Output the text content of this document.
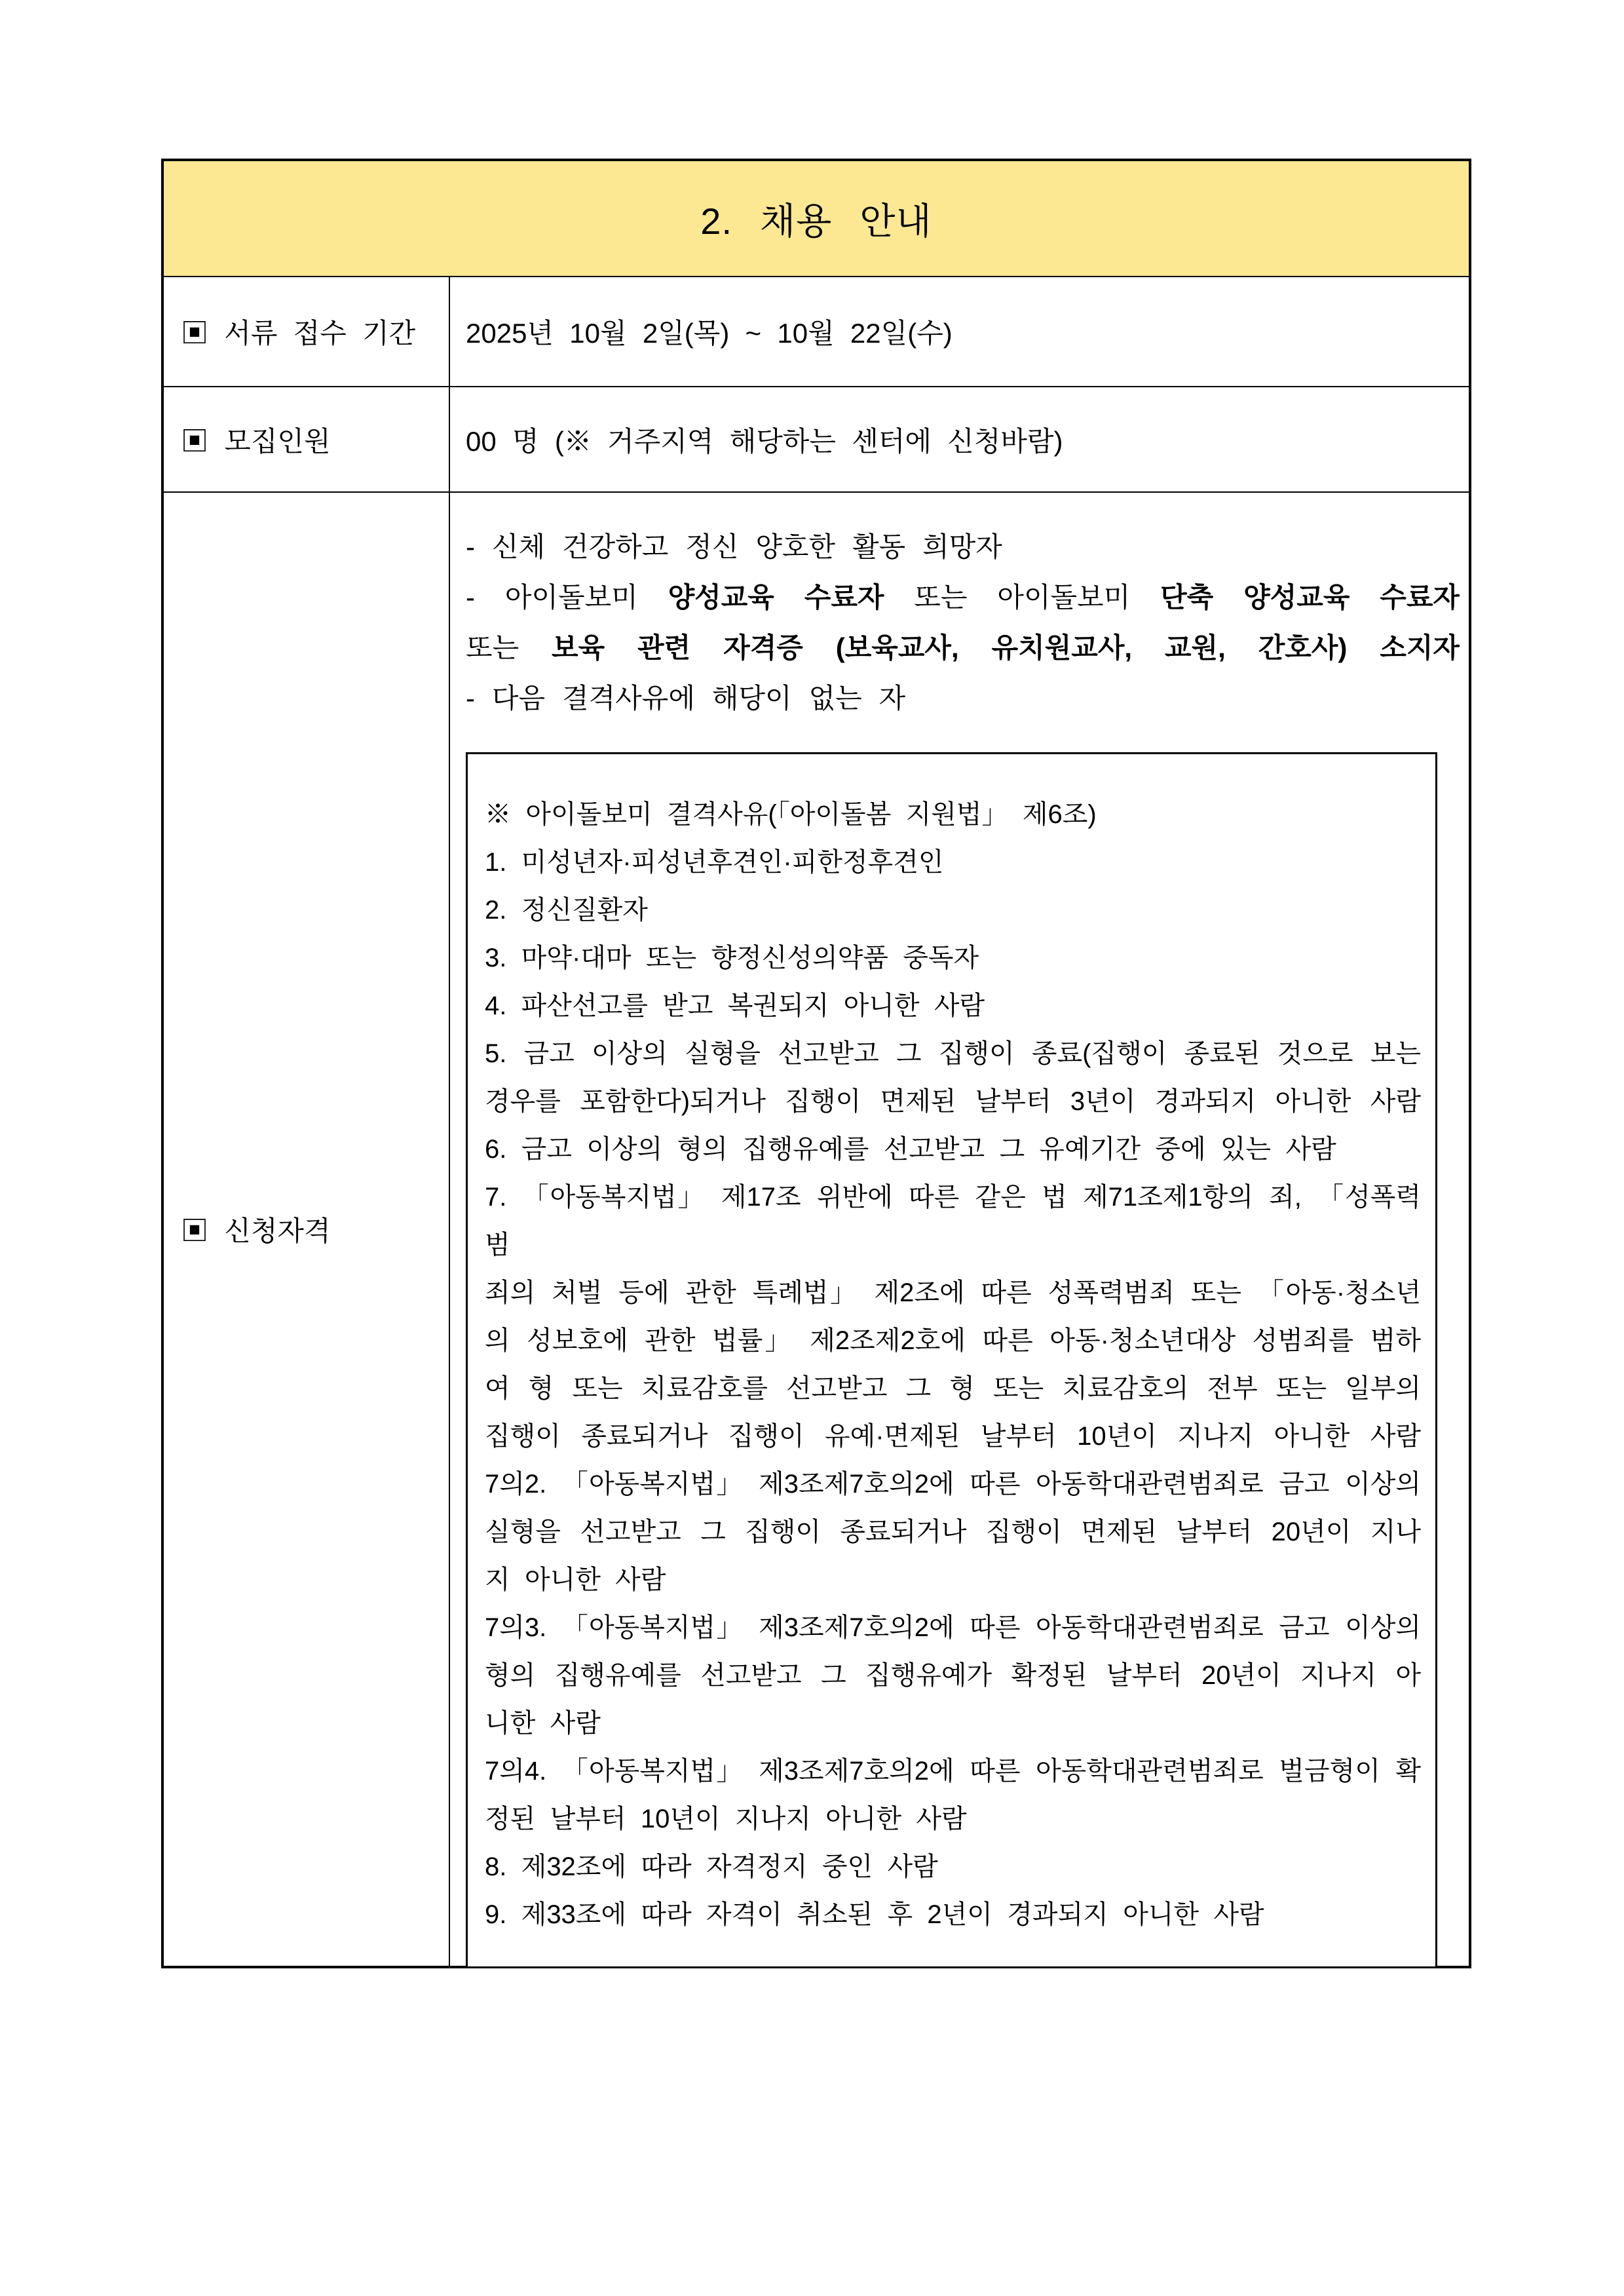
2. 채용 안내
▣ 서류 접수 기간	2025년 10월 2일(목) ~ 10월 22일(수)
▣ 모집인원	00 명 (※ 거주지역 해당하는 센터에 신청바람)
▣ 신청자격
- 신체 건강하고 정신 양호한 활동 희망자
- 아이돌보미 양성교육 수료자 또는 아이돌보미 단축 양성교육 수료자
또는 보육 관련 자격증 (보육교사, 유치원교사, 교원, 간호사) 소지자
- 다음 결격사유에 해당이 없는 자
※ 아이돌보미 결격사유(「아이돌봄 지원법」 제6조)
1. 미성년자·피성년후견인·피한정후견인
2. 정신질환자
3. 마약·대마 또는 향정신성의약품 중독자
4. 파산선고를 받고 복권되지 아니한 사람
5. 금고 이상의 실형을 선고받고 그 집행이 종료(집행이 종료된 것으로 보는
경우를 포함한다)되거나 집행이 면제된 날부터 3년이 경과되지 아니한 사람
6. 금고 이상의 형의 집행유예를 선고받고 그 유예기간 중에 있는 사람
7. 「아동복지법」 제17조 위반에 따른 같은 법 제71조제1항의 죄, 「성폭력범
죄의 처벌 등에 관한 특례법」 제2조에 따른 성폭력범죄 또는 「아동·청소년
의 성보호에 관한 법률」 제2조제2호에 따른 아동·청소년대상 성범죄를 범하
여 형 또는 치료감호를 선고받고 그 형 또는 치료감호의 전부 또는 일부의
집행이 종료되거나 집행이 유예·면제된 날부터 10년이 지나지 아니한 사람
7의2. 「아동복지법」 제3조제7호의2에 따른 아동학대관련범죄로 금고 이상의
실형을 선고받고 그 집행이 종료되거나 집행이 면제된 날부터 20년이 지나
지 아니한 사람
7의3. 「아동복지법」 제3조제7호의2에 따른 아동학대관련범죄로 금고 이상의
형의 집행유예를 선고받고 그 집행유예가 확정된 날부터 20년이 지나지 아
니한 사람
7의4. 「아동복지법」 제3조제7호의2에 따른 아동학대관련범죄로 벌금형이 확
정된 날부터 10년이 지나지 아니한 사람
8. 제32조에 따라 자격정지 중인 사람
9. 제33조에 따라 자격이 취소된 후 2년이 경과되지 아니한 사람
